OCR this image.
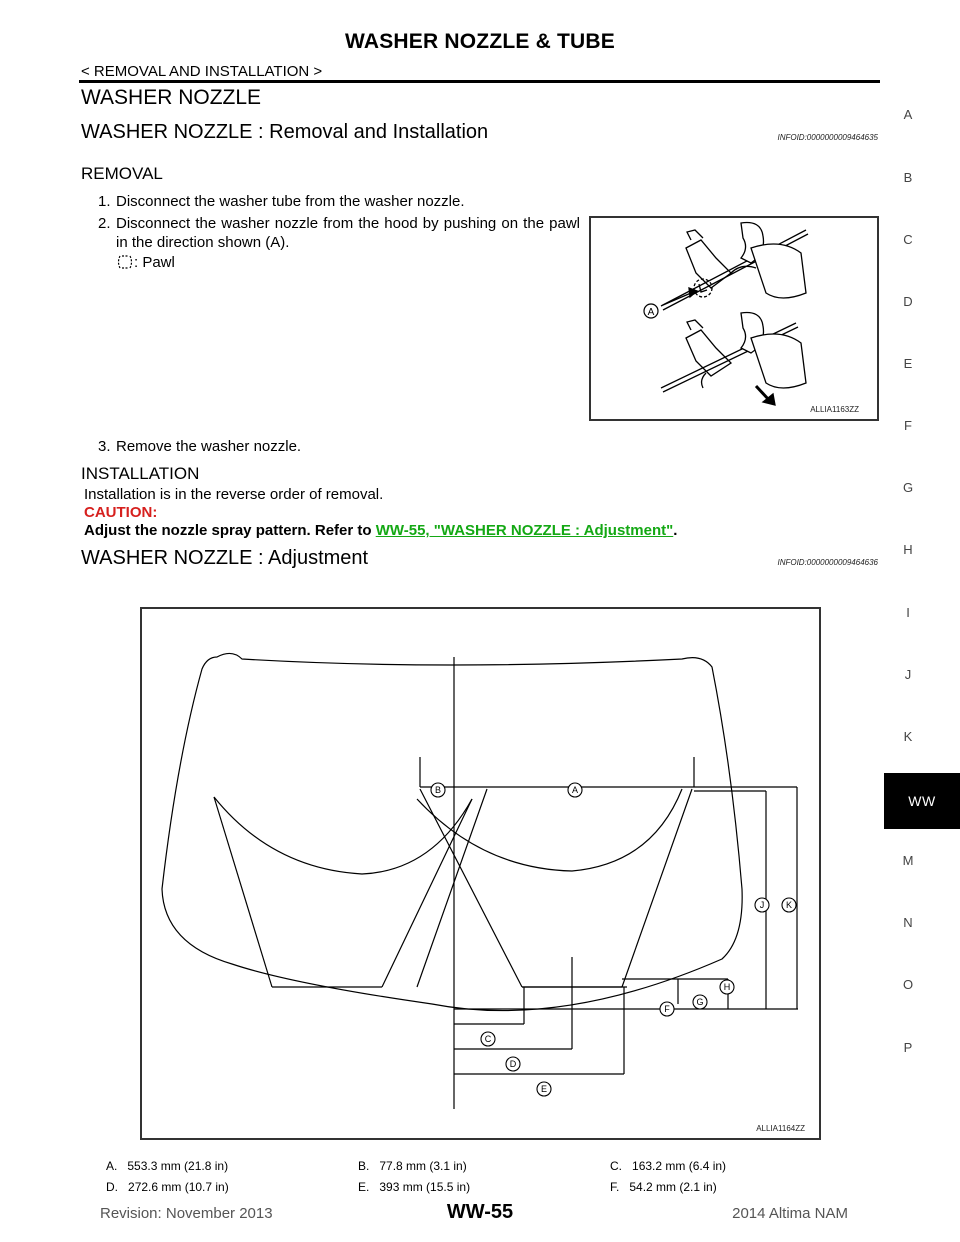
WASHER NOZZLE & TUBE
< REMOVAL AND INSTALLATION >
WASHER NOZZLE
WASHER NOZZLE : Removal and Installation	INFOID:0000000009464635
REMOVAL
1. Disconnect the washer tube from the washer nozzle.
2. Disconnect the washer nozzle from the hood by pushing on the pawl in the direction shown (A).
: Pawl
A
ALLIA1163ZZ
3. Remove the washer nozzle.
INSTALLATION
Installation is in the reverse order of removal.
CAUTION:
Adjust the nozzle spray pattern. Refer to WW-55, "WASHER NOZZLE : Adjustment".
WASHER NOZZLE : Adjustment	INFOID:0000000009464636
B	A
C
D
E
F
G
H
J K
ALLIA1164ZZ
A. 553.3 mm (21.8 in)	B. 77.8 mm (3.1 in)	C. 163.2 mm (6.4 in)
D. 272.6 mm (10.7 in)	E. 393 mm (15.5 in)	F. 54.2 mm (2.1 in)
A
B
C
D
E
F
G
H
I
J
K
WW
M
N
O
P
WW-55
Revision: November 2013	2014 Altima NAM
